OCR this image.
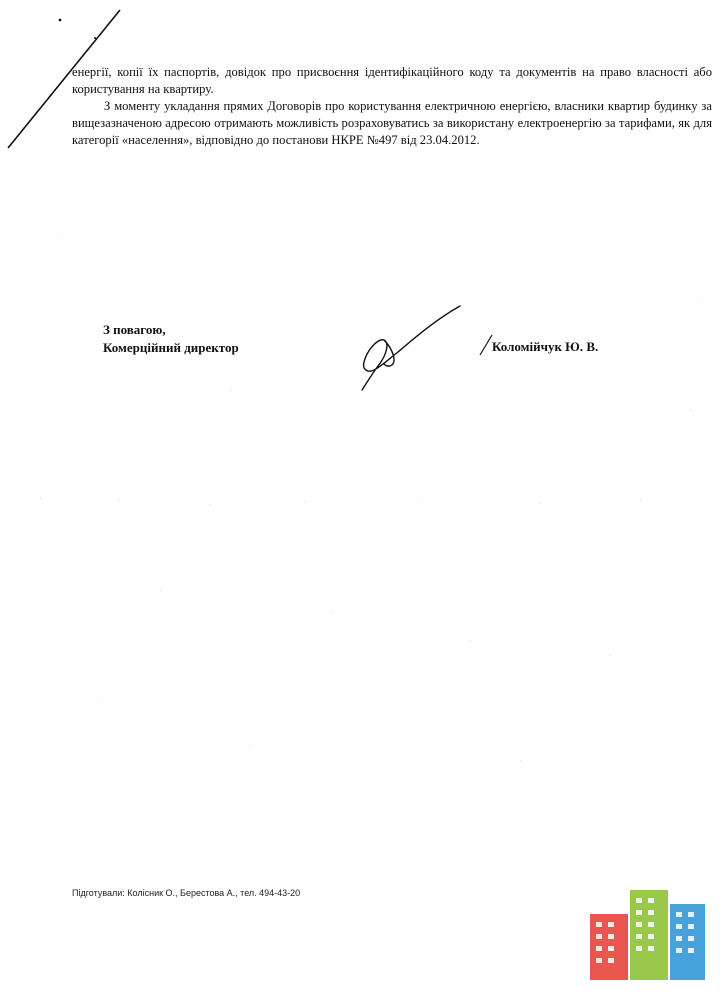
енергії, копії їх паспортів, довідок про присвоєння ідентифікаційного коду та документів на право власності або користування на квартиру.

З моменту укладання прямих Договорів про користування електричною енергією, власники квартир будинку за вищезазначеною адресою отримають можливість розраховуватись за використану електроенергію за тарифами, як для категорії «населення», відповідно до постанови НКРЕ №497 від 23.04.2012.

З повагою,
Комерційний директор	Коломійчук Ю. В.
Підготували: Колісник О., Берестова А., тел. 494-43-20
